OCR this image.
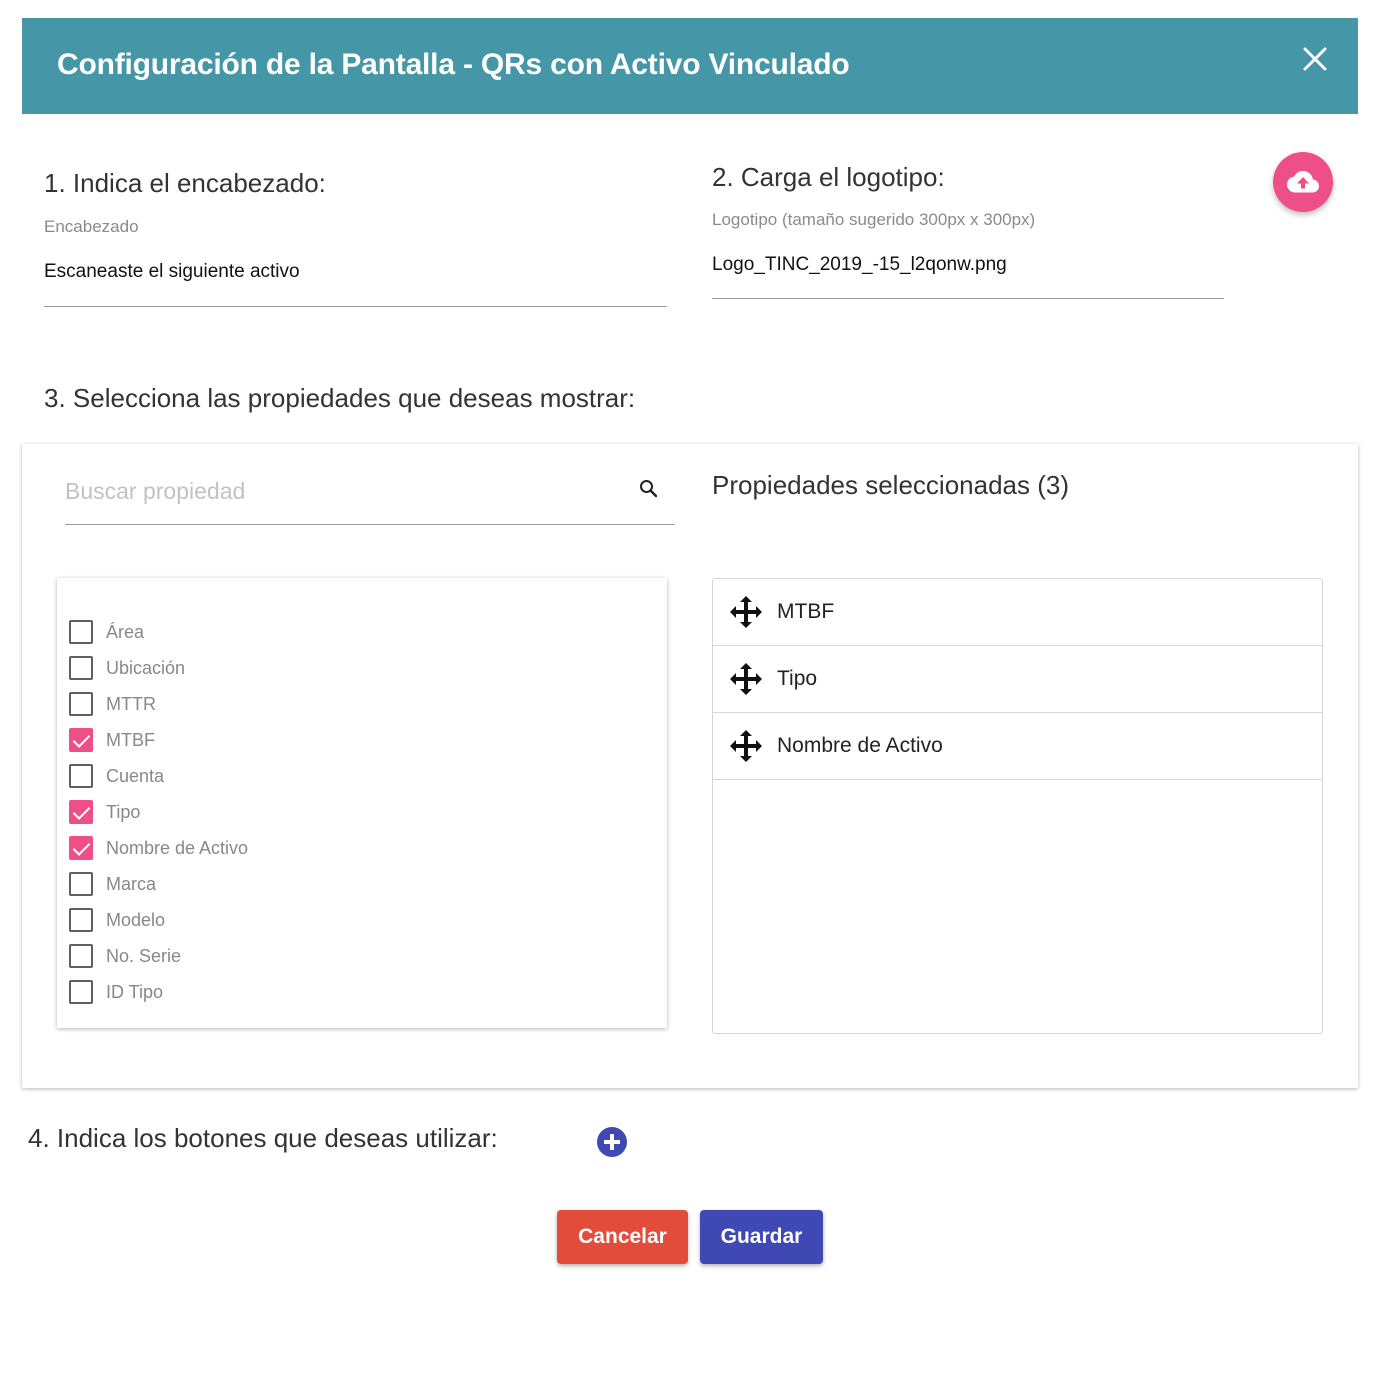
Configuración de la Pantalla - QRs con Activo Vinculado
1. Indica el encabezado:
Encabezado
Escaneaste el siguiente activo
2. Carga el logotipo:
Logotipo (tamaño sugerido 300px x 300px)
Logo_TINC_2019_-15_l2qonw.png
3. Selecciona las propiedades que deseas mostrar:
Buscar propiedad	Propiedades seleccionadas (3)
Área
Ubicación
MTTR
MTBF
Cuenta
Tipo
Nombre de Activo
Marca
Modelo
No. Serie
ID Tipo
MTBF
Tipo
Nombre de Activo
4. Indica los botones que deseas utilizar:
Cancelar	Guardar
